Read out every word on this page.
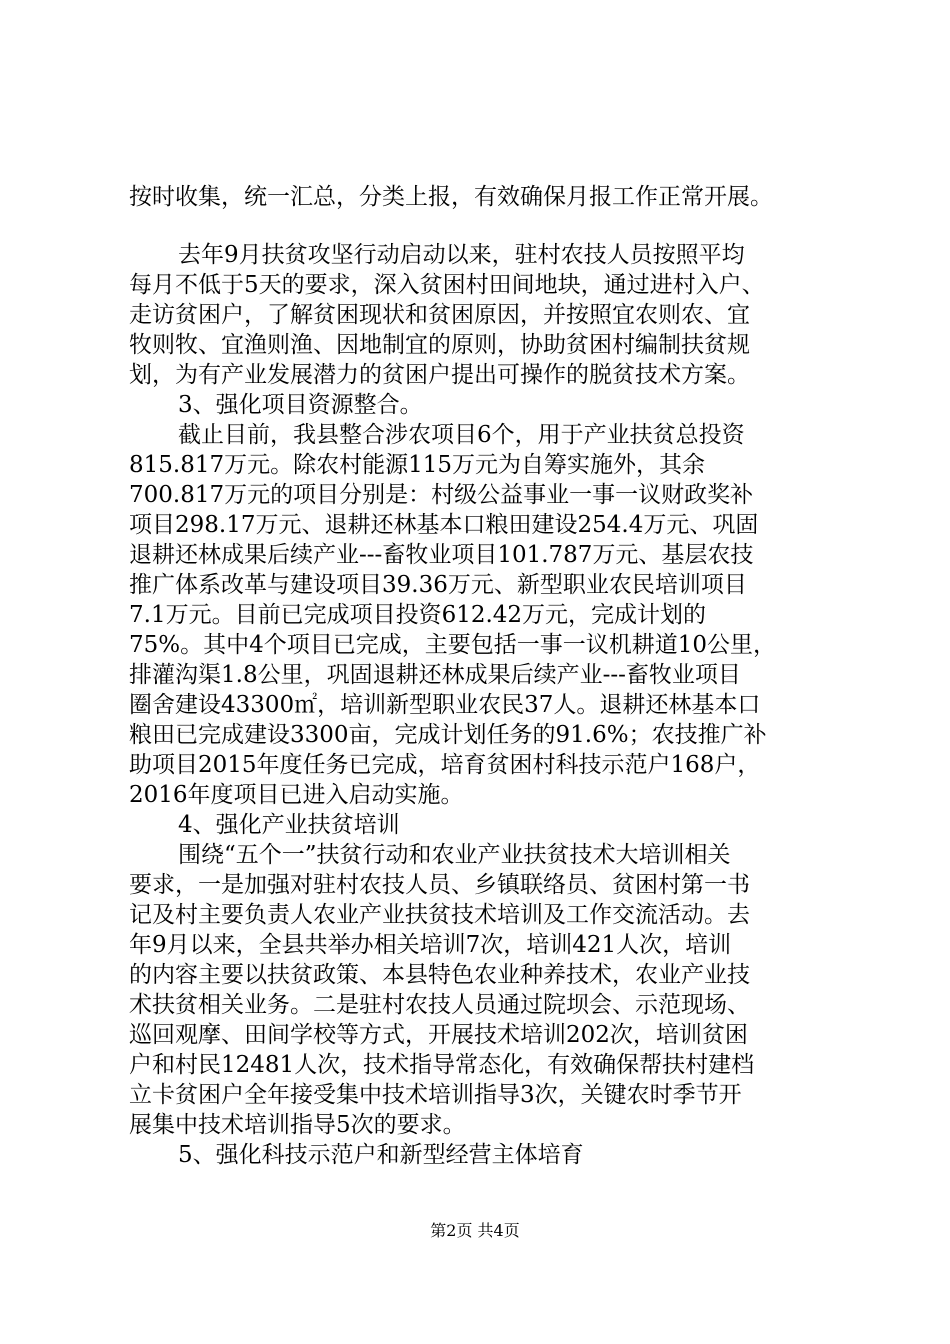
按时收集，统一汇总，分类上报，有效确保月报工作正常开展。
去年9月扶贫攻坚行动启动以来，驻村农技人员按照平均
每月不低于5天的要求，深入贫困村田间地块，通过进村入户、
走访贫困户，了解贫困现状和贫困原因，并按照宜农则农、宜
牧则牧、宜渔则渔、因地制宜的原则，协助贫困村编制扶贫规
划，为有产业发展潜力的贫困户提出可操作的脱贫技术方案。
3、强化项目资源整合。
截止目前，我县整合涉农项目6个，用于产业扶贫总投资
815.817万元。除农村能源115万元为自筹实施外，其余
700.817万元的项目分别是：村级公益事业一事一议财政奖补
项目298.17万元、退耕还林基本口粮田建设254.4万元、巩固
退耕还林成果后续产业---畜牧业项目101.787万元、基层农技
推广体系改革与建设项目39.36万元、新型职业农民培训项目
7.1万元。目前已完成项目投资612.42万元，完成计划的
75%。其中4个项目已完成，主要包括一事一议机耕道10公里，
排灌沟渠1.8公里，巩固退耕还林成果后续产业---畜牧业项目
圈舍建设43300㎡，培训新型职业农民37人。退耕还林基本口
粮田已完成建设3300亩，完成计划任务的91.6%；农技推广补
助项目2015年度任务已完成，培育贫困村科技示范户168户，
2016年度项目已进入启动实施。
4、强化产业扶贫培训
围绕“五个一”扶贫行动和农业产业扶贫技术大培训相关
要求，一是加强对驻村农技人员、乡镇联络员、贫困村第一书
记及村主要负责人农业产业扶贫技术培训及工作交流活动。去
年9月以来，全县共举办相关培训7次，培训421人次，培训
的内容主要以扶贫政策、本县特色农业种养技术，农业产业技
术扶贫相关业务。二是驻村农技人员通过院坝会、示范现场、
巡回观摩、田间学校等方式，开展技术培训202次，培训贫困
户和村民12481人次，技术指导常态化，有效确保帮扶村建档
立卡贫困户全年接受集中技术培训指导3次，关键农时季节开
展集中技术培训指导5次的要求。
5、强化科技示范户和新型经营主体培育
第2页 共4页
